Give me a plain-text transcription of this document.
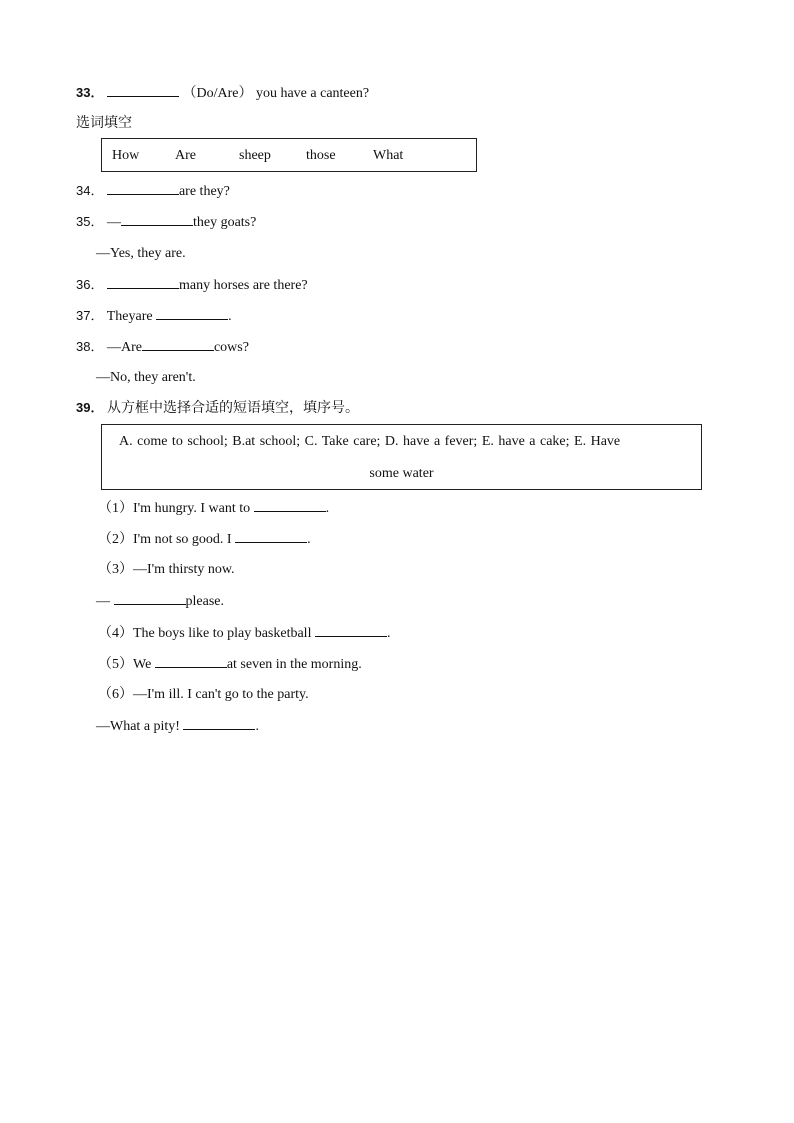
33．	（Do/Are） you have a canteen?
选词填空
How	Are	sheep	those	What
34．	are they?
35． —	they goats?
—Yes, they are.
36．	many horses are there?
37． Theyare	.
38． —Are	cows?
—No, they aren't.
39． 从方框中选择合适的短语填空，填序号。
A. come to school; B.at school; C. Take care; D. have a fever; E. have a cake; E. Have
some water
（1）I'm hungry. I want to	.
（2）I'm not so good. I	.
（3）—I'm thirsty now.
—	please.
（4）The boys like to play basketball	.
（5）We	at seven in the morning.
（6）—I'm ill. I can't go to the party.
—What a pity!	.
